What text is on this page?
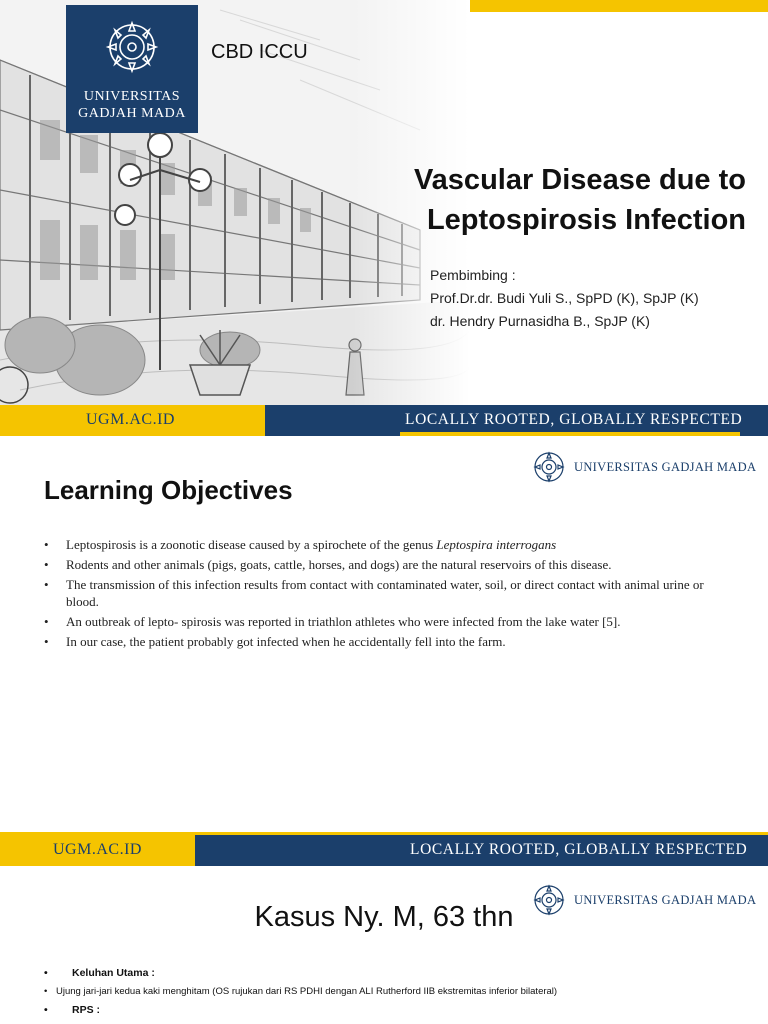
UNIVERSITAS
GADJAH MADA
CBD ICCU
Vascular Disease due to
Leptospirosis Infection
Pembimbing :
Prof.Dr.dr. Budi Yuli S., SpPD (K), SpJP (K)
dr. Hendry Purnasidha B., SpJP (K)
UGM.AC.ID	LOCALLY ROOTED, GLOBALLY RESPECTED
UNIVERSITAS GADJAH MADA
Learning Objectives
• Leptospirosis is a zoonotic disease caused by a spirochete of the genus Leptospira interrogans
• Rodents and other animals (pigs, goats, cattle, horses, and dogs) are the natural reservoirs of this disease.
• The transmission of this infection results from contact with contaminated water, soil, or direct contact with animal urine or blood.
• An outbreak of lepto- spirosis was reported in triathlon athletes who were infected from the lake water [5].
• In our case, the patient probably got infected when he accidentally fell into the farm.
UGM.AC.ID	LOCALLY ROOTED, GLOBALLY RESPECTED
UNIVERSITAS GADJAH MADA
Kasus Ny. M, 63 thn
• Keluhan Utama :
• Ujung jari-jari kedua kaki menghitam (OS rujukan dari RS PDHI dengan ALI Rutherford IIB ekstremitas inferior bilateral)
• RPS :
